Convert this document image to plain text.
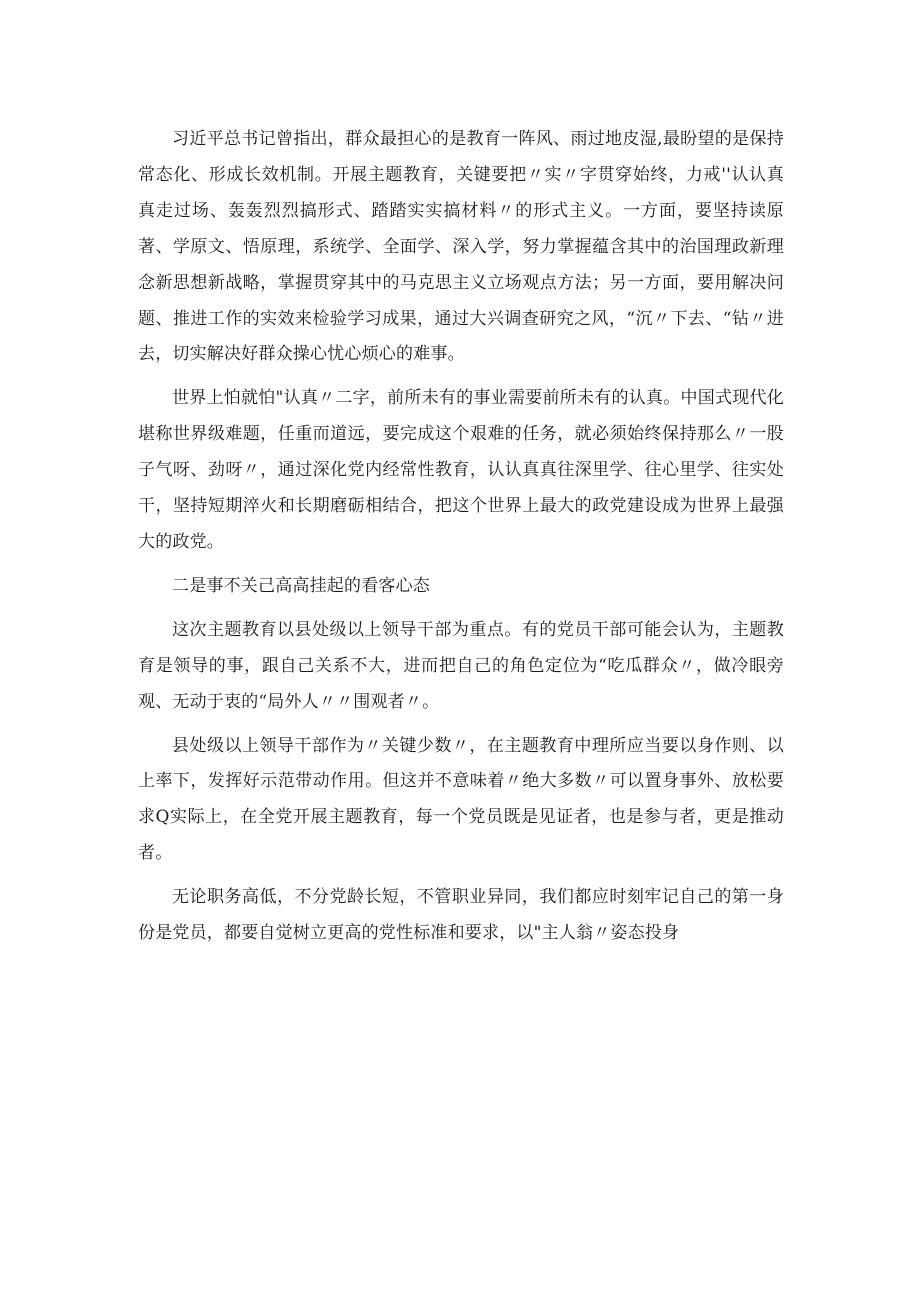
习近平总书记曾指出，群众最担心的是教育一阵风、雨过地皮湿,最盼望的是保持常态化、形成长效机制。开展主题教育，关键要把〃实〃字贯穿始终，力戒''认认真真走过场、轰轰烈烈搞形式、踏踏实实搞材料〃的形式主义。一方面，要坚持读原著、学原文、悟原理，系统学、全面学、深入学，努力掌握蕴含其中的治国理政新理念新思想新战略，掌握贯穿其中的马克思主义立场观点方法；另一方面，要用解决问题、推进工作的实效来检验学习成果，通过大兴调查研究之风，“沉〃下去、“钻〃进去，切实解决好群众操心忧心烦心的难事。

世界上怕就怕"认真〃二字，前所未有的事业需要前所未有的认真。中国式现代化堪称世界级难题，任重而道远，要完成这个艰难的任务，就必须始终保持那么〃一股子气呀、劲呀〃，通过深化党内经常性教育，认认真真往深里学、往心里学、往实处干，坚持短期淬火和长期磨砺相结合，把这个世界上最大的政党建设成为世界上最强大的政党。

二是事不关己高高挂起的看客心态

这次主题教育以县处级以上领导干部为重点。有的党员干部可能会认为，主题教育是领导的事，跟自己关系不大，进而把自己的角色定位为“吃瓜群众〃，做冷眼旁观、无动于衷的“局外人〃〃围观者〃。

县处级以上领导干部作为〃关键少数〃，在主题教育中理所应当要以身作则、以上率下，发挥好示范带动作用。但这并不意味着〃绝大多数〃可以置身事外、放松要求Q实际上，在全党开展主题教育，每一个党员既是见证者，也是参与者，更是推动者。

无论职务高低，不分党龄长短，不管职业异同，我们都应时刻牢记自己的第一身份是党员，都要自觉树立更高的党性标准和要求，以"主人翁〃姿态投身
